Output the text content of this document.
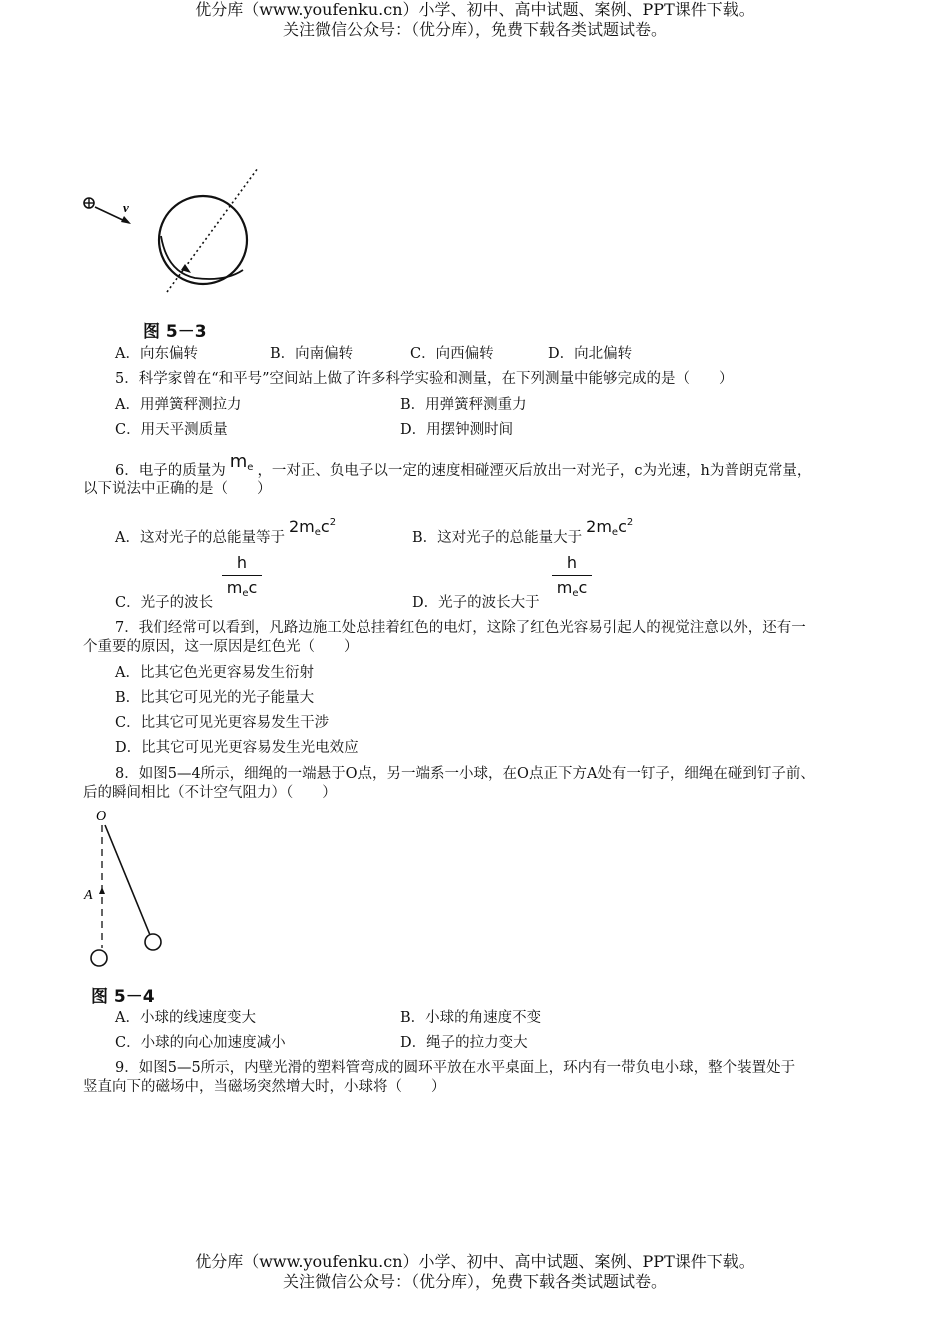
优分库（www.youfenku.cn）小学、初中、高中试题、案例、PPT课件下载。
关注微信公众号：（优分库），免费下载各类试题试卷。
v
图 5－3
A．向东偏转	B．向南偏转	C．向西偏转	D．向北偏转
5．科学家曾在“和平号”空间站上做了许多科学实验和测量，在下列测量中能够完成的是（　　）
A．用弹簧秤测拉力	B．用弹簧秤测重力
C．用天平测质量	D．用摆钟测时间
6．电子的质量为 $m_e$ ，一对正、负电子以一定的速度相碰湮灭后放出一对光子，c为光速，h为普朗克常量，
以下说法中正确的是（　　）
A．这对光子的总能量等于$2m_ec^2$
B．这对光子的总能量大于$2m_ec^2$
C．光子的波长
h
$m_ec$
D．光子的波长大于
h
$m_ec$
7．我们经常可以看到，凡路边施工处总挂着红色的电灯，这除了红色光容易引起人的视觉注意以外，还有一
个重要的原因，这一原因是红色光（　　）
A．比其它色光更容易发生衍射
B．比其它可见光的光子能量大
C．比其它可见光更容易发生干涉
D．比其它可见光更容易发生光电效应
8．如图5—4所示，细绳的一端悬于O点，另一端系一小球，在O点正下方A处有一钉子，细绳在碰到钉子前、
后的瞬间相比（不计空气阻力）（　　）
O
A
图 5－4
A．小球的线速度变大	B．小球的角速度不变
C．小球的向心加速度减小	D．绳子的拉力变大
9．如图5—5所示，内壁光滑的塑料管弯成的圆环平放在水平桌面上，环内有一带负电小球，整个装置处于
竖直向下的磁场中，当磁场突然增大时，小球将（　　）
优分库（www.youfenku.cn）小学、初中、高中试题、案例、PPT课件下载。
关注微信公众号：（优分库），免费下载各类试题试卷。
